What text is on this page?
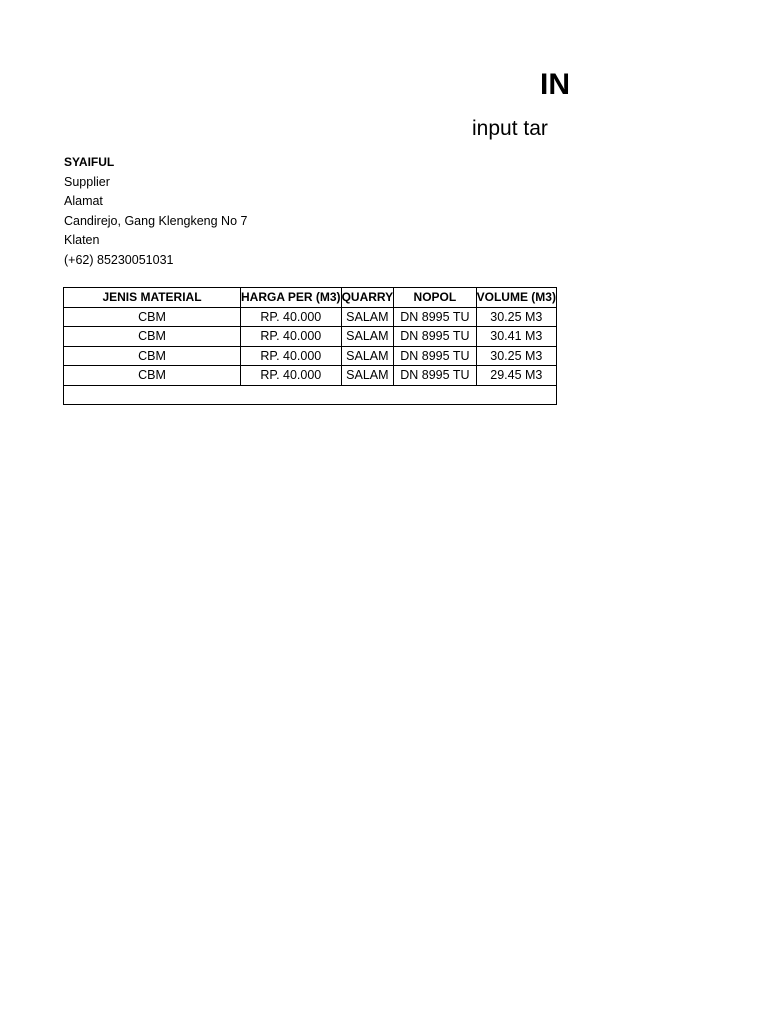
IN
input tar
SYAIFUL
Supplier
Alamat
Candirejo, Gang Klengkeng No 7
Klaten
(+62) 85230051031
JENIS MATERIAL	HARGA PER (M3)	QUARRY	NOPOL	VOLUME (M3)
CBM	RP. 40.000	SALAM	DN 8995 TU	30.25 M3
CBM	RP. 40.000	SALAM	DN 8995 TU	30.41 M3
CBM	RP. 40.000	SALAM	DN 8995 TU	30.25 M3
CBM	RP. 40.000	SALAM	DN 8995 TU	29.45 M3
